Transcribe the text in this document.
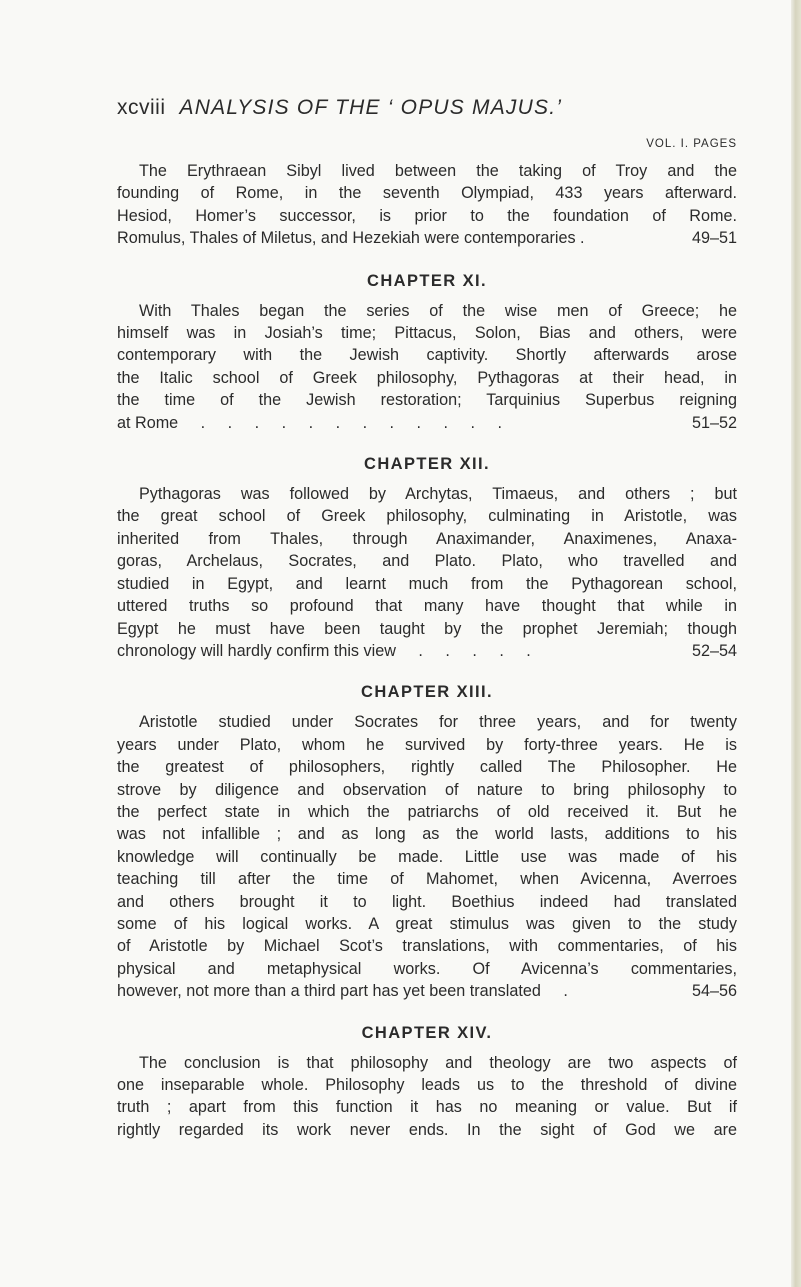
xcviii ANALYSIS OF THE ‘ OPUS MAJUS.’
VOL. I. PAGES

The Erythraean Sibyl lived between the taking of Troy and the
founding of Rome, in the seventh Olympiad, 433 years afterward.
Hesiod, Homer’s successor, is prior to the foundation of Rome.
Romulus, Thales of Miletus, and Hezekiah were contemporaries .	49–51

CHAPTER XI.

With Thales began the series of the wise men of Greece; he
himself was in Josiah’s time; Pittacus, Solon, Bias and others, were
contemporary with the Jewish captivity. Shortly afterwards arose
the Italic school of Greek philosophy, Pythagoras at their head, in
the time of the Jewish restoration; Tarquinius Superbus reigning
at Rome     .     .     .     .     .     .     .     .     .     .     .     .	51–52

CHAPTER XII.

Pythagoras was followed by Archytas, Timaeus, and others ; but
the great school of Greek philosophy, culminating in Aristotle, was
inherited from Thales, through Anaximander, Anaximenes, Anaxa-
goras, Archelaus, Socrates, and Plato. Plato, who travelled and
studied in Egypt, and learnt much from the Pythagorean school,
uttered truths so profound that many have thought that while in
Egypt he must have been taught by the prophet Jeremiah; though
chronology will hardly confirm this view     .     .     .     .     .	52–54

CHAPTER XIII.

Aristotle studied under Socrates for three years, and for twenty
years under Plato, whom he survived by forty-three years. He is
the greatest of philosophers, rightly called The Philosopher. He
strove by diligence and observation of nature to bring philosophy to
the perfect state in which the patriarchs of old received it. But he
was not infallible ; and as long as the world lasts, additions to his
knowledge will continually be made. Little use was made of his
teaching till after the time of Mahomet, when Avicenna, Averroes
and others brought it to light. Boethius indeed had translated
some of his logical works. A great stimulus was given to the study
of Aristotle by Michael Scot’s translations, with commentaries, of his
physical and metaphysical works. Of Avicenna’s commentaries,
however, not more than a third part has yet been translated     .	54–56

CHAPTER XIV.

The conclusion is that philosophy and theology are two aspects of
one inseparable whole. Philosophy leads us to the threshold of divine
truth ; apart from this function it has no meaning or value. But if
rightly regarded its work never ends. In the sight of God we are
